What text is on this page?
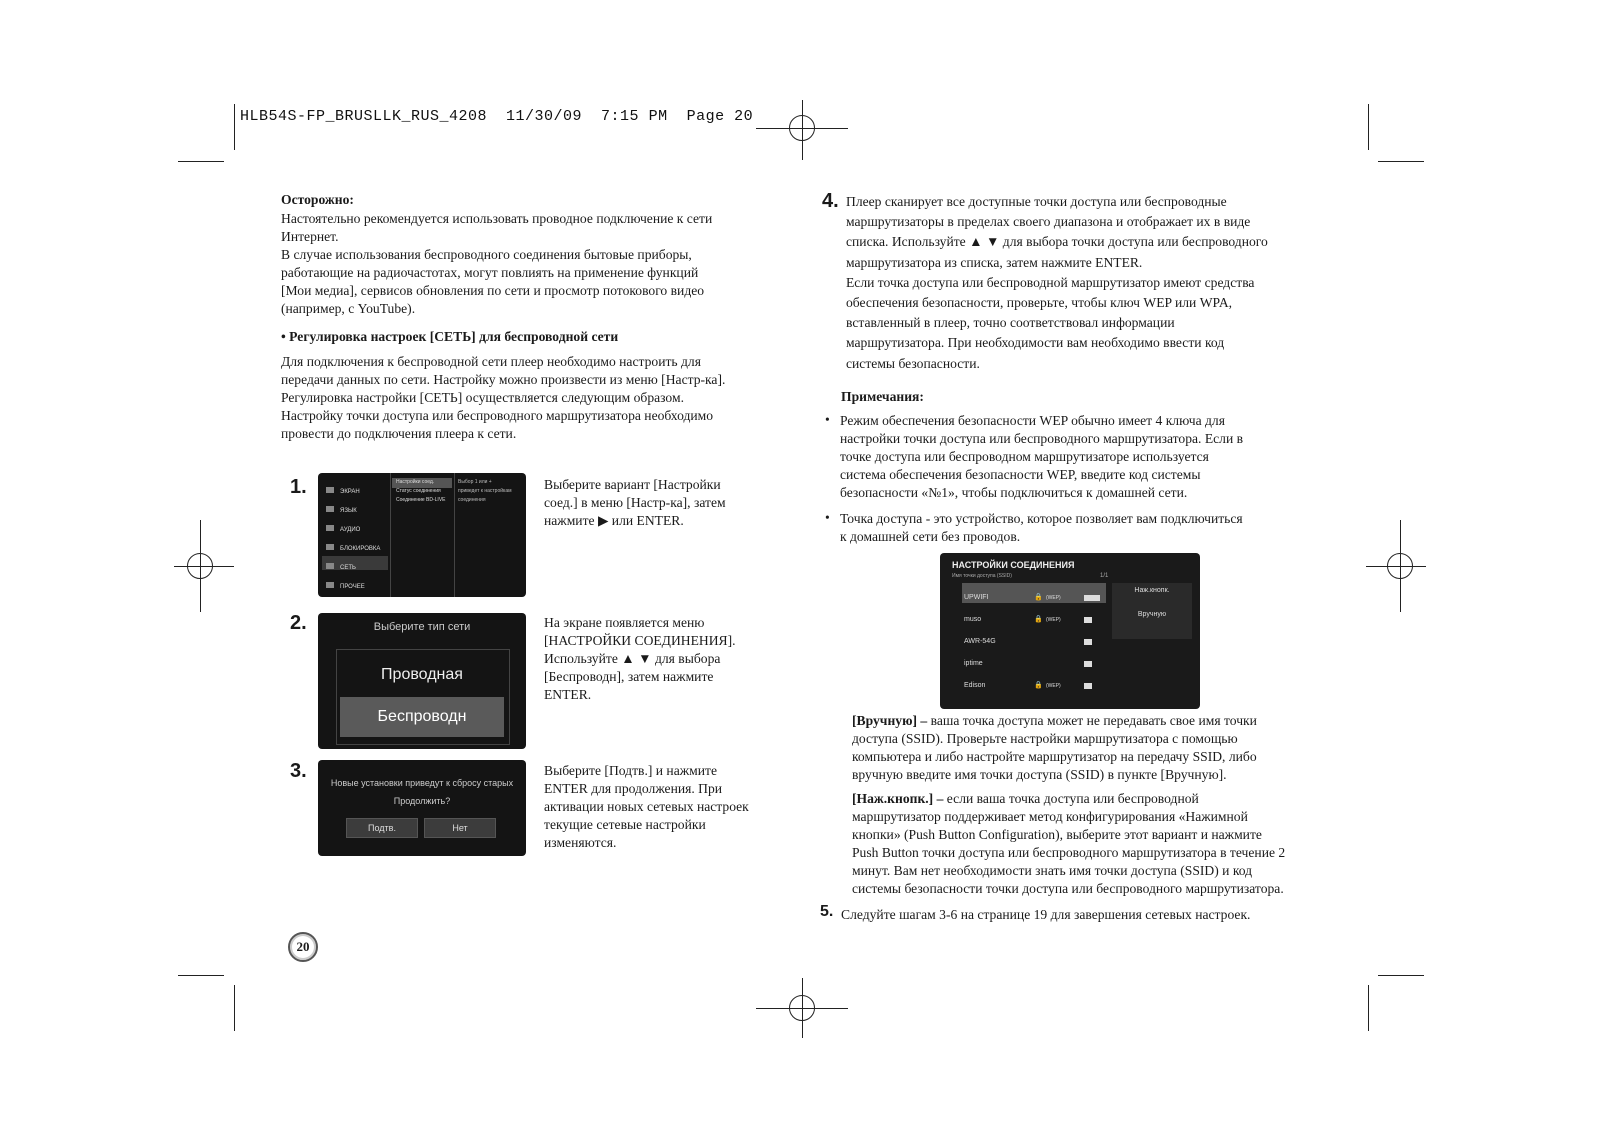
HLB54S-FP_BRUSLLK_RUS_4208  11/30/09  7:15 PM  Page 20
Осторожно:
Настоятельно рекомендуется использовать проводное подключение к сети
Интернет.
В случае использования беспроводного соединения бытовые приборы,
работающие на радиочастотах, могут повлиять на применение функций
[Мои медиа], сервисов обновления по сети и просмотр потокового видео
(например, с YouTube).
• Регулировка настроек [СЕТЬ] для беспроводной сети
Для подключения к беспроводной сети плеер необходимо настроить для
передачи данных по сети. Настройку можно произвести из меню [Настр-ка].
Регулировка настройки [СЕТЬ] осуществляется следующим образом.
Настройку точки доступа или беспроводного маршрутизатора необходимо
провести до подключения плеера к сети.
1.	ЭКРАН
ЯЗЫК
АУДИО
БЛОКИРОВКА
СЕТЬ
ПРОЧЕЕ
Настройки соед.
Статус соединения
Соединение BD-LIVE
Выбор 1 или +
приведет к настройкам
соединения
Выберите вариант [Настройки
соед.] в меню [Настр-ка], затем
нажмите ▶ или ENTER.
2.	Выберите тип сети
Проводная
Беспроводн
На экране появляется меню
[НАСТРОЙКИ СОЕДИНЕНИЯ].
Используйте ▲ ▼ для выбора
[Беспроводн], затем нажмите
ENTER.
3.
Новые установки приведут к сбросу старых
Продолжить?
Подтв.	Нет
Выберите [Подтв.] и нажмите
ENTER для продолжения. При
активации новых сетевых настроек
текущие сетевые настройки
изменяются.
20
4. Плеер сканирует все доступные точки доступа или беспроводные
маршрутизаторы в пределах своего диапазона и отображает их в виде
списка. Используйте ▲ ▼ для выбора точки доступа или беспроводного
маршрутизатора из списка, затем нажмите ENTER.
Если точка доступа или беспроводной маршрутизатор имеют средства
обеспечения безопасности, проверьте, чтобы ключ WEP или WPA,
вставленный в плеер, точно соответствовал информации
маршрутизатора. При необходимости вам необходимо ввести код
системы безопасности.
Примечания:
• Режим обеспечения безопасности WEP обычно имеет 4 ключа для
настройки точки доступа или беспроводного маршрутизатора. Если в
точке доступа или беспроводном маршрутизаторе используется
система обеспечения безопасности WEP, введите код системы
безопасности «№1», чтобы подключиться к домашней сети.
• Точка доступа - это устройство, которое позволяет вам подключиться
к домашней сети без проводов.
НАСТРОЙКИ СОЕДИНЕНИЯ
Имя точки доступа (SSID)	1/1
UPWIFI	🔒 (WEP)
muso	🔒 (WEP)
AWR-54G
iptime
Edison	🔒 (WEP)
Наж.кнопк.
Вручную
[Вручную] – ваша точка доступа может не передавать свое имя точки
доступа (SSID). Проверьте настройки маршрутизатора с помощью
компьютера и либо настройте маршрутизатор на передачу SSID, либо
вручную введите имя точки доступа (SSID) в пункте [Вручную].
[Наж.кнопк.] – если ваша точка доступа или беспроводной
маршрутизатор поддерживает метод конфигурирования «Нажимной
кнопки» (Push Button Configuration), выберите этот вариант и нажмите
Push Button точки доступа или беспроводного маршрутизатора в течение 2
минут. Вам нет необходимости знать имя точки доступа (SSID) и код
системы безопасности точки доступа или беспроводного маршрутизатора.
5. Следуйте шагам 3-6 на странице 19 для завершения сетевых настроек.
